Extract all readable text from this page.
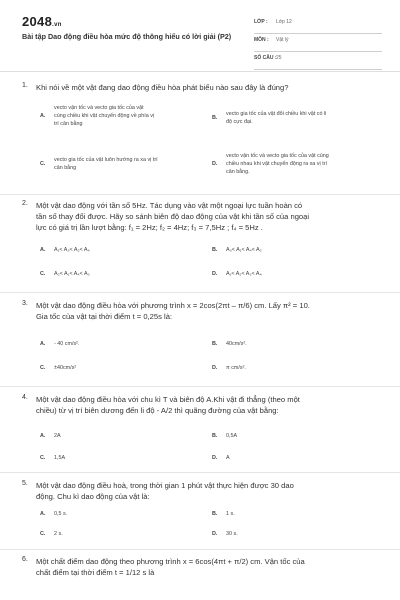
2048.vn
Bài tập Dao động điều hòa mức độ thông hiểu có lời giải (P2)
LỚP : Lớp 12
MÔN : Vật lý
SỐ CÂU : 25
1. Khi nói về một vật đang dao động điều hòa phát biểu nào sau đây là đúng?
A.
vecto vận tốc và vecto gia tốc của vật
cùng chiều khi vật chuyển động về phía vị
trí cân bằng
B.
vecto gia tốc của vật đổi chiều khi vật có li
độ cực đại.
C.
vecto gia tốc của vật luôn hướng ra xa vị trí
cân bằng
D.
vecto vận tốc và vecto gia tốc của vật cùng
chiều nhau khi vật chuyển động ra xa vị trí
cân bằng.
2. Một vật dao động với tần số 5Hz. Tác dụng vào vật một ngoại lực tuần hoàn có
tần số thay đổi được. Hãy so sánh biên độ dao động của vật khi tần số của ngoại
lực có giá trị lần lượt bằng: f₁ = 2Hz; f₂ = 4Hz; f₃ = 7,5Hz ; f₄ = 5Hz .
A. A₁< A₃< A₂< A₄	B. A₃< A₁< A₄< A₂
C. A₂< A₁< A₄< A₃	D. A₁< A₂< A₃< A₄
3. Một vật dao động điều hòa với phương trình x = 2cos(2πt – π/6) cm. Lấy π² = 10.
Gia tốc của vật tại thời điểm t = 0,25s là:
A. - 40 cm/s².	B. 40cm/s².
C. ±40cm/s²	D. π cm/s².
4. Một vật dao động điều hòa với chu kì T và biên độ A.Khi vật đi thẳng (theo một
chiều) từ vị trí biên dương đến li độ - A/2 thì quãng đường của vật bằng:
A. 2A	B. 0,5A
C. 1,5A	D. A
5. Một vật dao động điều hoà, trong thời gian 1 phút vật thực hiện được 30 dao
động. Chu kì dao động của vật là:
A. 0,5 s.	B. 1 s.
C. 2 s.	D. 30 s.
6. Một chất điểm dao động theo phương trình x = 6cos(4πt + π/2) cm. Vận tốc của
chất điểm tại thời điểm t = 1/12 s là
